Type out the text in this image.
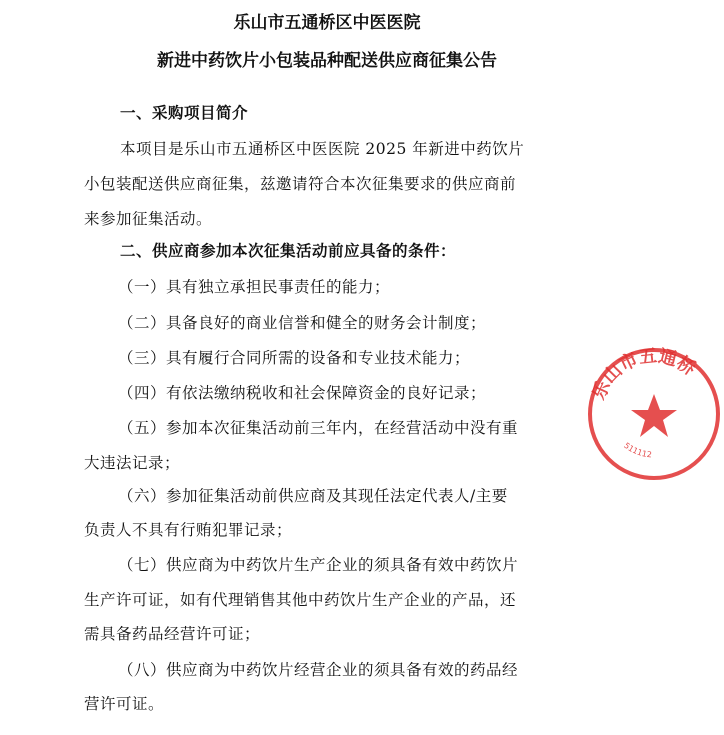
乐山市五通桥区中医医院
新进中药饮片小包装品种配送供应商征集公告
一、采购项目简介
本项目是乐山市五通桥区中医医院 2025 年新进中药饮片
小包装配送供应商征集，兹邀请符合本次征集要求的供应商前
来参加征集活动。
二、供应商参加本次征集活动前应具备的条件：
（一）具有独立承担民事责任的能力；
（二）具备良好的商业信誉和健全的财务会计制度；
（三）具有履行合同所需的设备和专业技术能力；
（四）有依法缴纳税收和社会保障资金的良好记录；
（五）参加本次征集活动前三年内，在经营活动中没有重
大违法记录；
（六）参加征集活动前供应商及其现任法定代表人/主要
负责人不具有行贿犯罪记录；
（七）供应商为中药饮片生产企业的须具备有效中药饮片
生产许可证，如有代理销售其他中药饮片生产企业的产品，还
需具备药品经营许可证；
（八）供应商为中药饮片经营企业的须具备有效的药品经
营许可证。
乐山市五通桥
511112
